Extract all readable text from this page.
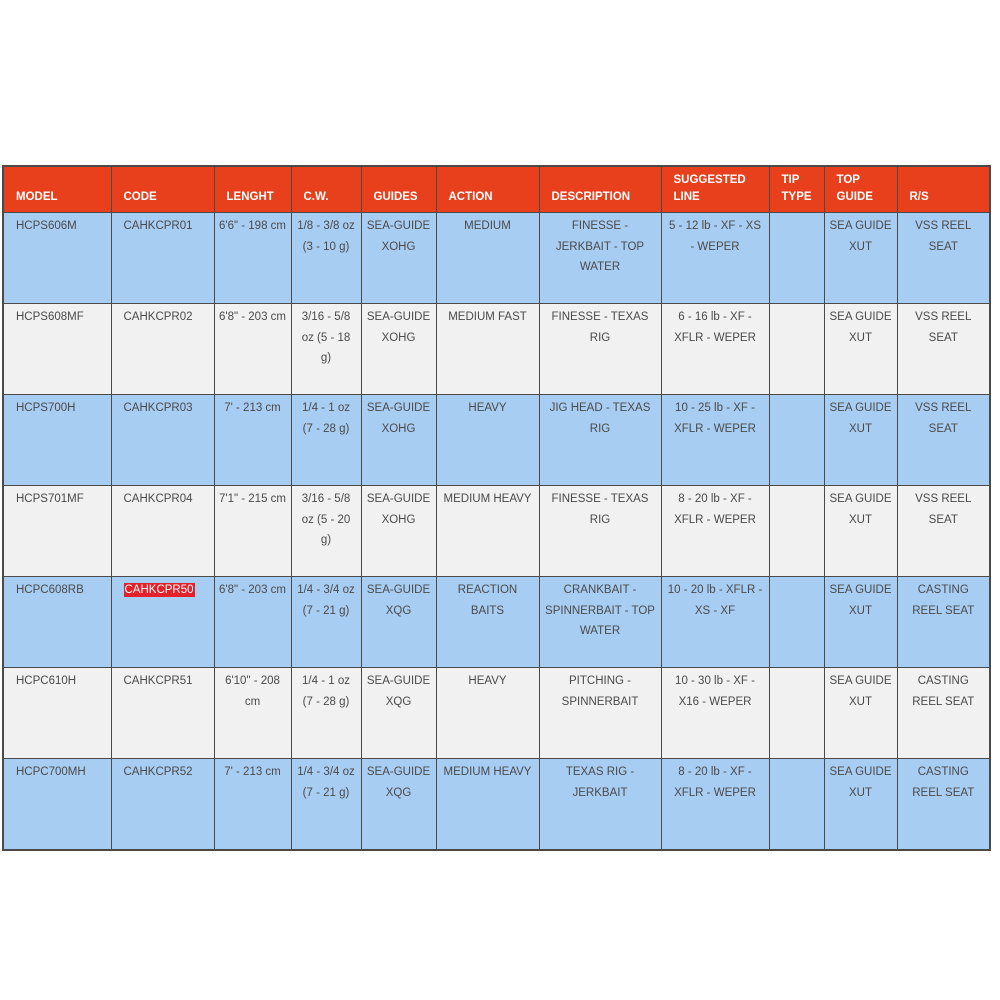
MODEL	CODE	LENGHT	C.W.	GUIDES	ACTION	DESCRIPTION	SUGGESTED LINE	TIP TYPE	TOP GUIDE	R/S
HCPS606M	CAHKCPR01	6'6" - 198 cm	1/8 - 3/8 oz (3 - 10 g)	SEA-GUIDE XOHG	MEDIUM	FINESSE - JERKBAIT - TOP WATER	5 - 12 lb - XF - XS - WEPER		SEA GUIDE XUT	VSS REEL SEAT
HCPS608MF	CAHKCPR02	6'8" - 203 cm	3/16 - 5/8 oz (5 - 18 g)	SEA-GUIDE XOHG	MEDIUM FAST	FINESSE - TEXAS RIG	6 - 16 lb - XF - XFLR - WEPER		SEA GUIDE XUT	VSS REEL SEAT
HCPS700H	CAHKCPR03	7' - 213 cm	1/4 - 1 oz (7 - 28 g)	SEA-GUIDE XOHG	HEAVY	JIG HEAD - TEXAS RIG	10 - 25 lb - XF - XFLR - WEPER		SEA GUIDE XUT	VSS REEL SEAT
HCPS701MF	CAHKCPR04	7'1" - 215 cm	3/16 - 5/8 oz (5 - 20 g)	SEA-GUIDE XOHG	MEDIUM HEAVY	FINESSE - TEXAS RIG	8 - 20 lb - XF - XFLR - WEPER		SEA GUIDE XUT	VSS REEL SEAT
HCPC608RB	CAHKCPR50	6'8" - 203 cm	1/4 - 3/4 oz (7 - 21 g)	SEA-GUIDE XQG	REACTION BAITS	CRANKBAIT - SPINNERBAIT - TOP WATER	10 - 20 lb - XFLR - XS - XF		SEA GUIDE XUT	CASTING REEL SEAT
HCPC610H	CAHKCPR51	6'10" - 208 cm	1/4 - 1 oz (7 - 28 g)	SEA-GUIDE XQG	HEAVY	PITCHING - SPINNERBAIT	10 - 30 lb - XF - X16 - WEPER		SEA GUIDE XUT	CASTING REEL SEAT
HCPC700MH	CAHKCPR52	7' - 213 cm	1/4 - 3/4 oz (7 - 21 g)	SEA-GUIDE XQG	MEDIUM HEAVY	TEXAS RIG - JERKBAIT	8 - 20 lb - XF - XFLR - WEPER		SEA GUIDE XUT	CASTING REEL SEAT
